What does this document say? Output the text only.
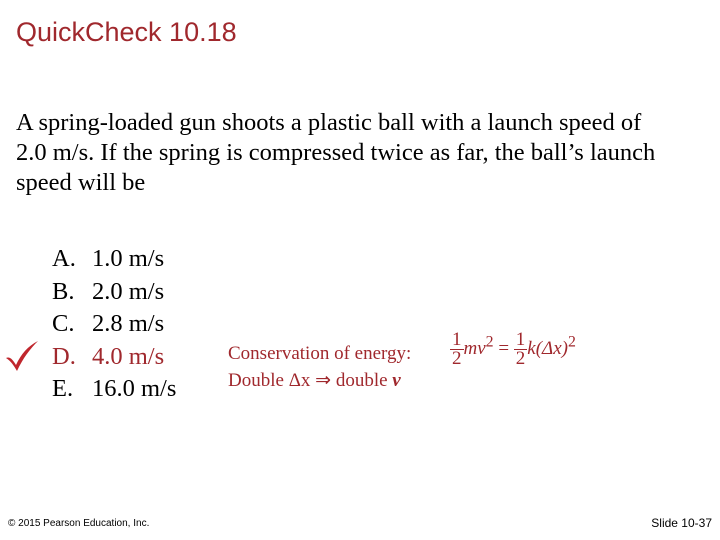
QuickCheck 10.18
A spring-loaded gun shoots a plastic ball with a launch speed of 2.0 m/s. If the spring is compressed twice as far, the ball’s launch speed will be
A. 1.0 m/s
B. 2.0 m/s
C. 2.8 m/s
D. 4.0 m/s
E. 16.0 m/s
Conservation of energy:
Double Δx ⇒ double v
$\frac{1}{2} mv^2 = \frac{1}{2} k(\Delta x)^2$
© 2015 Pearson Education, Inc.	Slide 10-37
